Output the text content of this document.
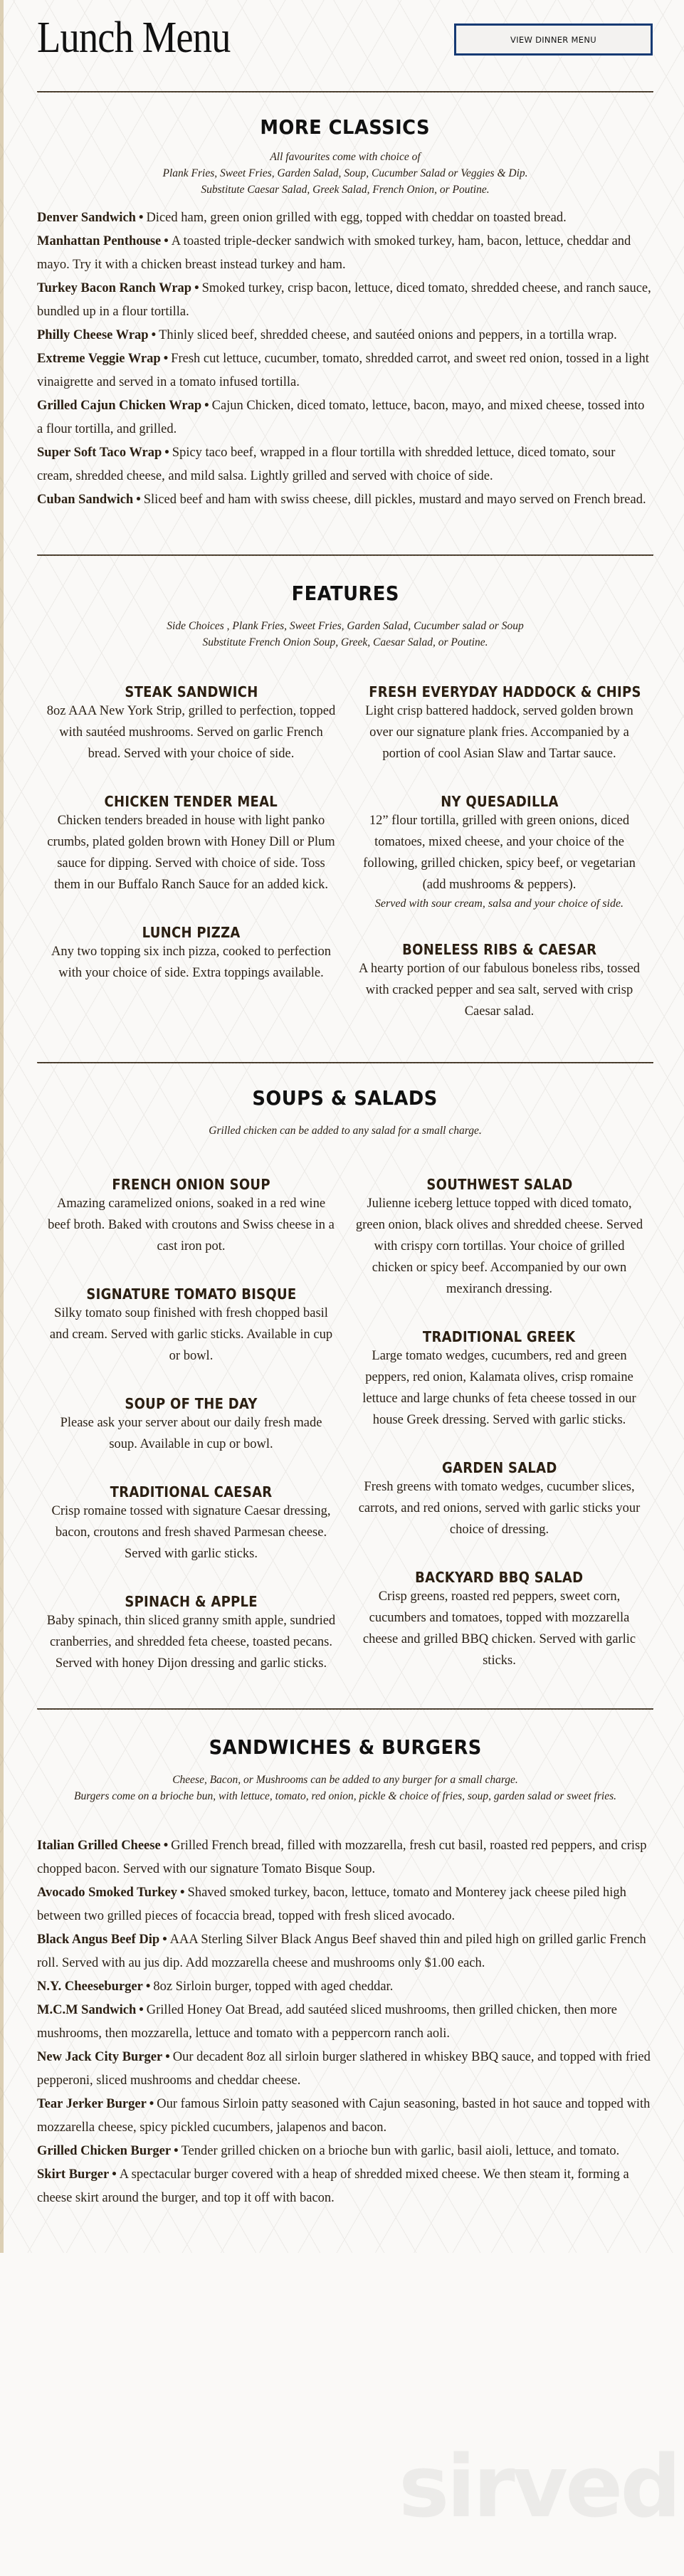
sirved
Lunch Menu	VIEW DINNER MENU
MORE CLASSICS
All favourites come with choice of
Plank Fries, Sweet Fries, Garden Salad, Soup, Cucumber Salad or Veggies & Dip.
Substitute Caesar Salad, Greek Salad, French Onion, or Poutine.
Denver Sandwich • Diced ham, green onion grilled with egg, topped with cheddar on toasted bread.
Manhattan Penthouse • A toasted triple-decker sandwich with smoked turkey, ham, bacon, lettuce, cheddar and mayo. Try it with a chicken breast instead turkey and ham.
Turkey Bacon Ranch Wrap • Smoked turkey, crisp bacon, lettuce, diced tomato, shredded cheese, and ranch sauce, bundled up in a flour tortilla.
Philly Cheese Wrap • Thinly sliced beef, shredded cheese, and sautéed onions and peppers, in a tortilla wrap.
Extreme Veggie Wrap • Fresh cut lettuce, cucumber, tomato, shredded carrot, and sweet red onion, tossed in a light vinaigrette and served in a tomato infused tortilla.
Grilled Cajun Chicken Wrap • Cajun Chicken, diced tomato, lettuce, bacon, mayo, and mixed cheese, tossed into a flour tortilla, and grilled.
Super Soft Taco Wrap • Spicy taco beef, wrapped in a flour tortilla with shredded lettuce, diced tomato, sour cream, shredded cheese, and mild salsa. Lightly grilled and served with choice of side.
Cuban Sandwich • Sliced beef and ham with swiss cheese, dill pickles, mustard and mayo served on French bread.
FEATURES
Side Choices , Plank Fries, Sweet Fries, Garden Salad, Cucumber salad or Soup
Substitute French Onion Soup, Greek, Caesar Salad, or Poutine.
STEAK SANDWICH

8oz AAA New York Strip, grilled to perfection, topped with sautéed mushrooms. Served on garlic French bread. Served with your choice of side.

CHICKEN TENDER MEAL

Chicken tenders breaded in house with light panko crumbs, plated golden brown with Honey Dill or Plum sauce for dipping. Served with choice of side. Toss them in our Buffalo Ranch Sauce for an added kick.

LUNCH PIZZA

Any two topping six inch pizza, cooked to perfection with your choice of side. Extra toppings available.

FRESH EVERYDAY HADDOCK & CHIPS

Light crisp battered haddock, served golden brown over our signature plank fries. Accompanied by a portion of cool Asian Slaw and Tartar sauce.

NY QUESADILLA

12” flour tortilla, grilled with green onions, diced tomatoes, mixed cheese, and your choice of the following, grilled chicken, spicy beef, or vegetarian (add mushrooms & peppers).

Served with sour cream, salsa and your choice of side.

BONELESS RIBS & CAESAR

A hearty portion of our fabulous boneless ribs, tossed with cracked pepper and sea salt, served with crisp Caesar salad.

SOUPS & SALADS
Grilled chicken can be added to any salad for a small charge.
FRENCH ONION SOUP

Amazing caramelized onions, soaked in a red wine beef broth. Baked with croutons and Swiss cheese in a cast iron pot.

SIGNATURE TOMATO BISQUE

Silky tomato soup finished with fresh chopped basil and cream. Served with garlic sticks. Available in cup or bowl.

SOUP OF THE DAY

Please ask your server about our daily fresh made soup. Available in cup or bowl.

TRADITIONAL CAESAR

Crisp romaine tossed with signature Caesar dressing, bacon, croutons and fresh shaved Parmesan cheese. Served with garlic sticks.

SPINACH & APPLE

Baby spinach, thin sliced granny smith apple, sundried cranberries, and shredded feta cheese, toasted pecans. Served with honey Dijon dressing and garlic sticks.

SOUTHWEST SALAD

Julienne iceberg lettuce topped with diced tomato, green onion, black olives and shredded cheese. Served with crispy corn tortillas. Your choice of grilled chicken or spicy beef. Accompanied by our own mexiranch dressing.

TRADITIONAL GREEK

Large tomato wedges, cucumbers, red and green peppers, red onion, Kalamata olives, crisp romaine lettuce and large chunks of feta cheese tossed in our house Greek dressing. Served with garlic sticks.

GARDEN SALAD

Fresh greens with tomato wedges, cucumber slices, carrots, and red onions, served with garlic sticks your choice of dressing.

BACKYARD BBQ SALAD

Crisp greens, roasted red peppers, sweet corn, cucumbers and tomatoes, topped with mozzarella cheese and grilled BBQ chicken. Served with garlic sticks.

SANDWICHES & BURGERS
Cheese, Bacon, or Mushrooms can be added to any burger for a small charge.
Burgers come on a brioche bun, with lettuce, tomato, red onion, pickle & choice of fries, soup, garden salad or sweet fries.
Italian Grilled Cheese • Grilled French bread, filled with mozzarella, fresh cut basil, roasted red peppers, and crisp chopped bacon. Served with our signature Tomato Bisque Soup.
Avocado Smoked Turkey • Shaved smoked turkey, bacon, lettuce, tomato and Monterey jack cheese piled high between two grilled pieces of focaccia bread, topped with fresh sliced avocado.
Black Angus Beef Dip • AAA Sterling Silver Black Angus Beef shaved thin and piled high on grilled garlic French roll. Served with au jus dip. Add mozzarella cheese and mushrooms only $1.00 each.
N.Y. Cheeseburger • 8oz Sirloin burger, topped with aged cheddar.
M.C.M Sandwich • Grilled Honey Oat Bread, add sautéed sliced mushrooms, then grilled chicken, then more mushrooms, then mozzarella, lettuce and tomato with a peppercorn ranch aoli.
New Jack City Burger • Our decadent 8oz all sirloin burger slathered in whiskey BBQ sauce, and topped with fried pepperoni, sliced mushrooms and cheddar cheese.
Tear Jerker Burger • Our famous Sirloin patty seasoned with Cajun seasoning, basted in hot sauce and topped with mozzarella cheese, spicy pickled cucumbers, jalapenos and bacon.
Grilled Chicken Burger • Tender grilled chicken on a brioche bun with garlic, basil aioli, lettuce, and tomato.
Skirt Burger • A spectacular burger covered with a heap of shredded mixed cheese. We then steam it, forming a cheese skirt around the burger, and top it off with bacon.
